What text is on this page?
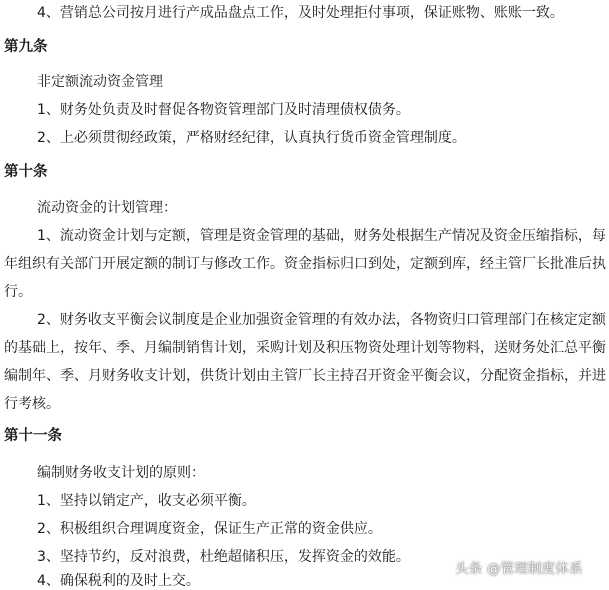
4、营销总公司按月进行产成品盘点工作，及时处理拒付事项，保证账物、账账一致。
第九条
非定额流动资金管理
1、财务处负责及时督促各物资管理部门及时清理债权债务。
2、上必须贯彻经政策，严格财经纪律，认真执行货币资金管理制度。
第十条
流动资金的计划管理：
1、流动资金计划与定额，管理是资金管理的基础，财务处根据生产情况及资金压缩指标，每
年组织有关部门开展定额的制订与修改工作。资金指标归口到处，定额到库，经主管厂长批准后执
行。
2、财务收支平衡会议制度是企业加强资金管理的有效办法，各物资归口管理部门在核定定额
的基础上，按年、季、月编制销售计划，采购计划及积压物资处理计划等物料，送财务处汇总平衡
编制年、季、月财务收支计划，供货计划由主管厂长主持召开资金平衡会议，分配资金指标，并进
行考核。
第十一条
编制财务收支计划的原则：
1、坚持以销定产，收支必须平衡。
2、积极组织合理调度资金，保证生产正常的资金供应。
3、坚持节约，反对浪费，杜绝超储积压，发挥资金的效能。
4、确保税利的及时上交。
头条 @管理制度体系
